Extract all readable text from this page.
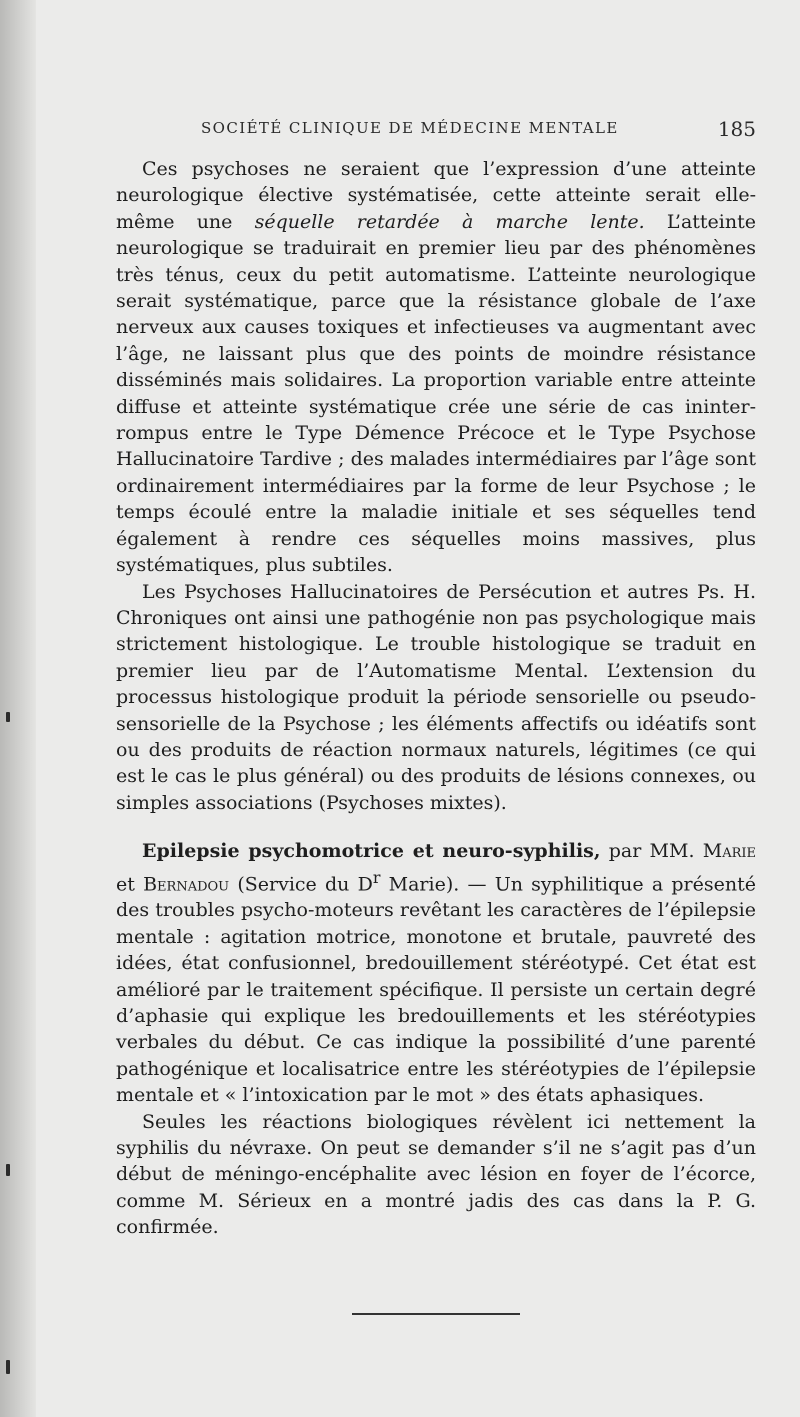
SOCIÉTÉ CLINIQUE DE MÉDECINE MENTALE	185

Ces psychoses ne seraient que l’expression d’une atteinte neurologique élective systématisée, cette atteinte serait elle-même une séquelle retardée à marche lente. L’atteinte neurologique se traduirait en premier lieu par des phénomènes très ténus, ceux du petit automatisme. L’atteinte neurologique serait systématique, parce que la résistance globale de l’axe nerveux aux causes toxiques et infectieuses va augmentant avec l’âge, ne laissant plus que des points de moindre résistance disséminés mais solidaires. La proportion variable entre atteinte diffuse et atteinte systématique crée une série de cas ininterrompus entre le Type Démence Précoce et le Type Psychose Hallucinatoire Tardive ; des malades intermédiaires par l’âge sont ordinairement intermédiaires par la forme de leur Psychose ; le temps écoulé entre la maladie initiale et ses séquelles tend également à rendre ces séquelles moins massives, plus systématiques, plus subtiles.

Les Psychoses Hallucinatoires de Persécution et autres Ps. H. Chroniques ont ainsi une pathogénie non pas psychologique mais strictement histologique. Le trouble histologique se traduit en premier lieu par de l’Automatisme Mental. L’extension du processus histologique produit la période sensorielle ou pseudo-sensorielle de la Psychose ; les éléments affectifs ou idéatifs sont ou des produits de réaction normaux naturels, légitimes (ce qui est le cas le plus général) ou des produits de lésions connexes, ou simples associations (Psychoses mixtes).

Epilepsie psychomotrice et neuro-syphilis, par MM. Marie et Bernadou (Service du $D^r$ Marie). — Un syphilitique a présenté des troubles psycho-moteurs revêtant les caractères de l’épilepsie mentale : agitation motrice, monotone et brutale, pauvreté des idées, état confusionnel, bredouillement stéréotypé. Cet état est amélioré par le traitement spécifique. Il persiste un certain degré d’aphasie qui explique les bredouillements et les stéréotypies verbales du début. Ce cas indique la possibilité d’une parenté pathogénique et localisatrice entre les stéréotypies de l’épilepsie mentale et « l’intoxication par le mot » des états aphasiques.

Seules les réactions biologiques révèlent ici nettement la syphilis du névraxe. On peut se demander s’il ne s’agit pas d’un début de méningo-encéphalite avec lésion en foyer de l’écorce, comme M. Sérieux en a montré jadis des cas dans la P. G. confirmée.
